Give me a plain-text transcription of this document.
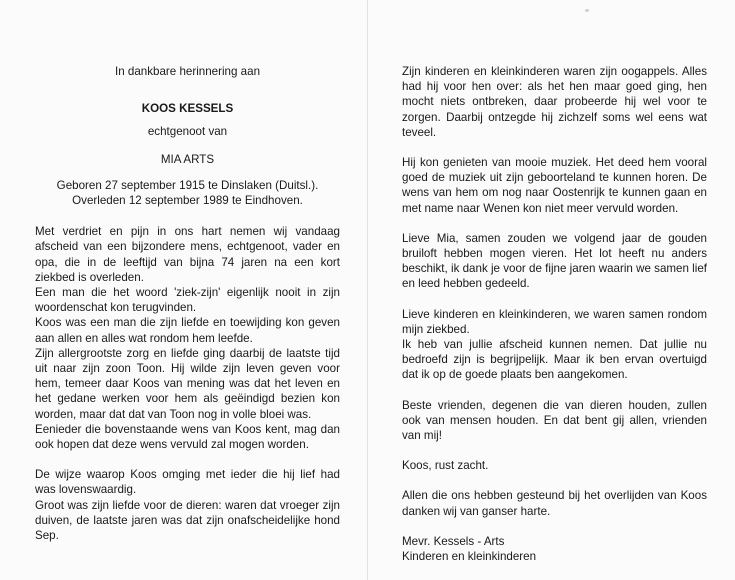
In dankbare herinnering aan
KOOS KESSELS
echtgenoot van
MIA ARTS
Geboren 27 september 1915 te Dinslaken (Duitsl.).
Overleden 12 september 1989 te Eindhoven.
Met verdriet en pijn in ons hart nemen wij vandaag afscheid van een bijzondere mens, echtgenoot, vader en opa, die in de leeftijd van bijna 74 jaren na een kort ziekbed is overleden.
Een man die het woord 'ziek-zijn' eigenlijk nooit in zijn woordenschat kon terugvinden.
Koos was een man die zijn liefde en toewijding kon geven aan allen en alles wat rondom hem leefde.
Zijn allergrootste zorg en liefde ging daarbij de laatste tijd uit naar zijn zoon Toon. Hij wilde zijn leven geven voor hem, temeer daar Koos van mening was dat het leven en het gedane werken voor hem als geëindigd bezien kon worden, maar dat dat van Toon nog in volle bloei was.
Eenieder die bovenstaande wens van Koos kent, mag dan ook hopen dat deze wens vervuld zal mogen worden.
De wijze waarop Koos omging met ieder die hij lief had was lovenswaardig.
Groot was zijn liefde voor de dieren: waren dat vroeger zijn duiven, de laatste jaren was dat zijn onafscheidelijke hond Sep.
Zijn kinderen en kleinkinderen waren zijn oogappels. Alles had hij voor hen over: als het hen maar goed ging, hen mocht niets ontbreken, daar probeerde hij wel voor te zorgen. Daarbij ontzegde hij zichzelf soms wel eens wat teveel.
Hij kon genieten van mooie muziek. Het deed hem vooral goed de muziek uit zijn geboorteland te kunnen horen. De wens van hem om nog naar Oostenrijk te kunnen gaan en met name naar Wenen kon niet meer vervuld worden.
Lieve Mia, samen zouden we volgend jaar de gouden bruiloft hebben mogen vieren. Het lot heeft nu anders beschikt, ik dank je voor de fijne jaren waarin we samen lief en leed hebben gedeeld.
Lieve kinderen en kleinkinderen, we waren samen rondom mijn ziekbed.
Ik heb van jullie afscheid kunnen nemen. Dat jullie nu bedroefd zijn is begrijpelijk. Maar ik ben ervan overtuigd dat ik op de goede plaats ben aangekomen.
Beste vrienden, degenen die van dieren houden, zullen ook van mensen houden. En dat bent gij allen, vrienden van mij!
Koos, rust zacht.
Allen die ons hebben gesteund bij het overlijden van Koos danken wij van ganser harte.
Mevr. Kessels - Arts
Kinderen en kleinkinderen
